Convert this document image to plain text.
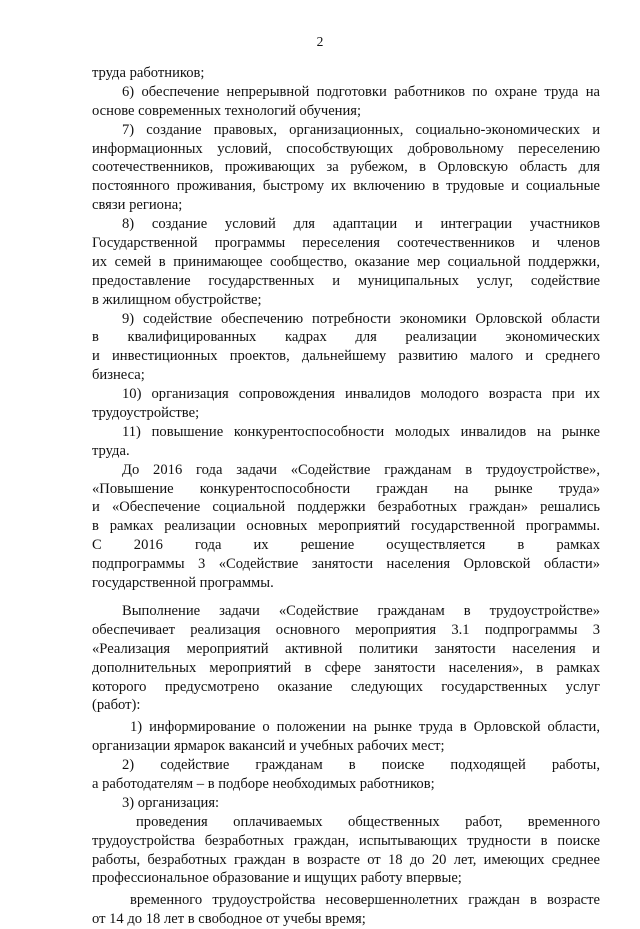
2
труда работников;
6) обеспечение непрерывной подготовки работников по охране труда на
основе современных технологий обучения;
7) создание правовых, организационных, социально-экономических и
информационных условий, способствующих добровольному переселению
соотечественников, проживающих за рубежом, в Орловскую область для
постоянного проживания, быстрому их включению в трудовые и социальные
связи региона;
8) создание условий для адаптации и интеграции участников
Государственной программы переселения соотечественников и членов
их семей в принимающее сообщество, оказание мер социальной поддержки,
предоставление государственных и муниципальных услуг, содействие
в жилищном обустройстве;
9) содействие обеспечению потребности экономики Орловской области
в квалифицированных кадрах для реализации экономических
и инвестиционных проектов, дальнейшему развитию малого и среднего
бизнеса;
10) организация сопровождения инвалидов молодого возраста при их
трудоустройстве;
11) повышение конкурентоспособности молодых инвалидов на рынке
труда.
До 2016 года задачи «Содействие гражданам в трудоустройстве»,
«Повышение конкурентоспособности граждан на рынке труда»
и «Обеспечение социальной поддержки безработных граждан» решались
в рамках реализации основных мероприятий государственной программы.
С 2016 года их решение осуществляется в рамках
подпрограммы 3 «Содействие занятости населения Орловской области»
государственной программы.
Выполнение задачи «Содействие гражданам в трудоустройстве»
обеспечивает реализация основного мероприятия 3.1 подпрограммы 3
«Реализация мероприятий активной политики занятости населения и
дополнительных мероприятий в сфере занятости населения», в рамках
которого предусмотрено оказание следующих государственных услуг
(работ):
1) информирование о положении на рынке труда в Орловской области,
организации ярмарок вакансий и учебных рабочих мест;
2) содействие гражданам в поиске подходящей работы,
а работодателям – в подборе необходимых работников;
3) организация:
проведения оплачиваемых общественных работ, временного
трудоустройства безработных граждан, испытывающих трудности в поиске
работы, безработных граждан в возрасте от 18 до 20 лет, имеющих среднее
профессиональное образование и ищущих работу впервые;
временного трудоустройства несовершеннолетних граждан в возрасте
от 14 до 18 лет в свободное от учебы время;
